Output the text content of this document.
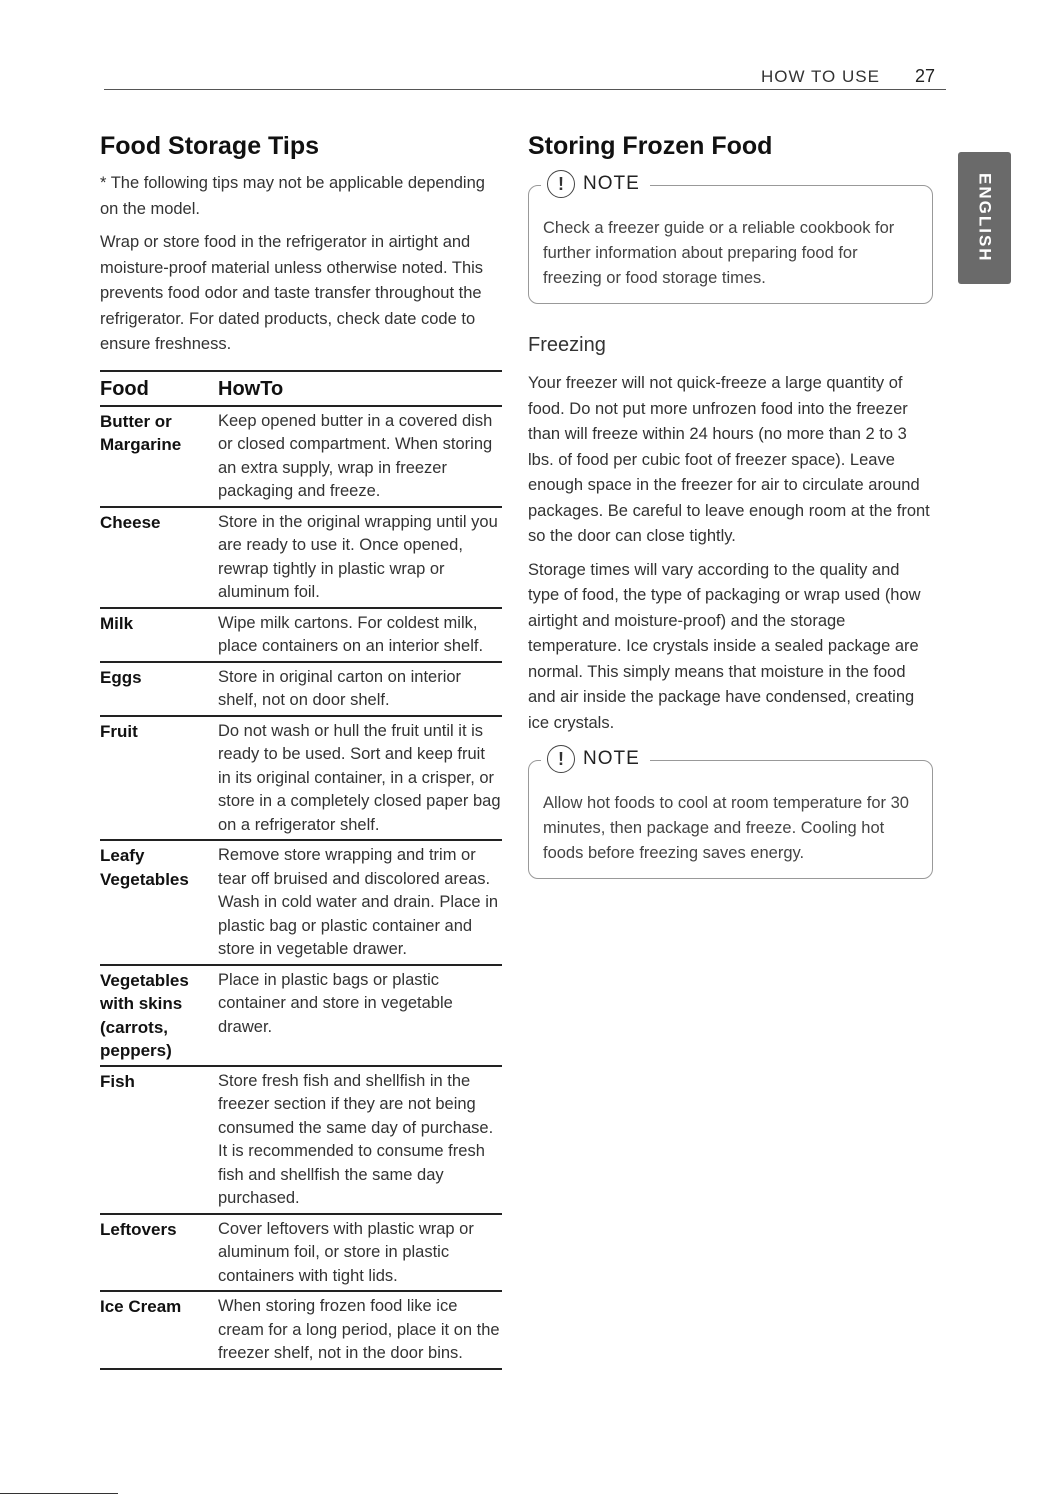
HOW TO USE 27
ENGLISH
Food Storage Tips

* The following tips may not be applicable depending on the model.

Wrap or store food in the refrigerator in airtight and moisture-proof material unless otherwise noted. This prevents food odor and taste transfer throughout the refrigerator. For dated products, check date code to ensure freshness.

Food	HowTo
Butter or Margarine	Keep opened butter in a covered dish or closed compartment. When storing an extra supply, wrap in freezer packaging and freeze.
Cheese	Store in the original wrapping until you are ready to use it. Once opened, rewrap tightly in plastic wrap or aluminum foil.
Milk	Wipe milk cartons. For coldest milk, place containers on an interior shelf.
Eggs	Store in original carton on interior shelf, not on door shelf.
Fruit	Do not wash or hull the fruit until it is ready to be used. Sort and keep fruit in its original container, in a crisper, or store in a completely closed paper bag on a refrigerator shelf.
Leafy Vegetables	Remove store wrapping and trim or tear off bruised and discolored areas. Wash in cold water and drain. Place in plastic bag or plastic container and store in vegetable drawer.
Vegetables with skins (carrots, peppers)	Place in plastic bags or plastic container and store in vegetable drawer.
Fish	Store fresh fish and shellfish in the freezer section if they are not being consumed the same day of purchase. It is recommended to consume fresh fish and shellfish the same day purchased.
Leftovers	Cover leftovers with plastic wrap or aluminum foil, or store in plastic containers with tight lids.
Ice Cream	When storing frozen food like ice cream for a long period, place it on the freezer shelf, not in the door bins.
Storing Frozen Food
!	NOTE

Check a freezer guide or a reliable cookbook for further information about preparing food for freezing or food storage times.

Freezing

Your freezer will not quick-freeze a large quantity of food. Do not put more unfrozen food into the freezer than will freeze within 24 hours (no more than 2 to 3 lbs. of food per cubic foot of freezer space). Leave enough space in the freezer for air to circulate around packages. Be careful to leave enough room at the front so the door can close tightly.

Storage times will vary according to the quality and type of food, the type of packaging or wrap used (how airtight and moisture-proof) and the storage temperature. Ice crystals inside a sealed package are normal. This simply means that moisture in the food and air inside the package have condensed, creating ice crystals.

!	NOTE

Allow hot foods to cool at room temperature for 30 minutes, then package and freeze. Cooling hot foods before freezing saves energy.
